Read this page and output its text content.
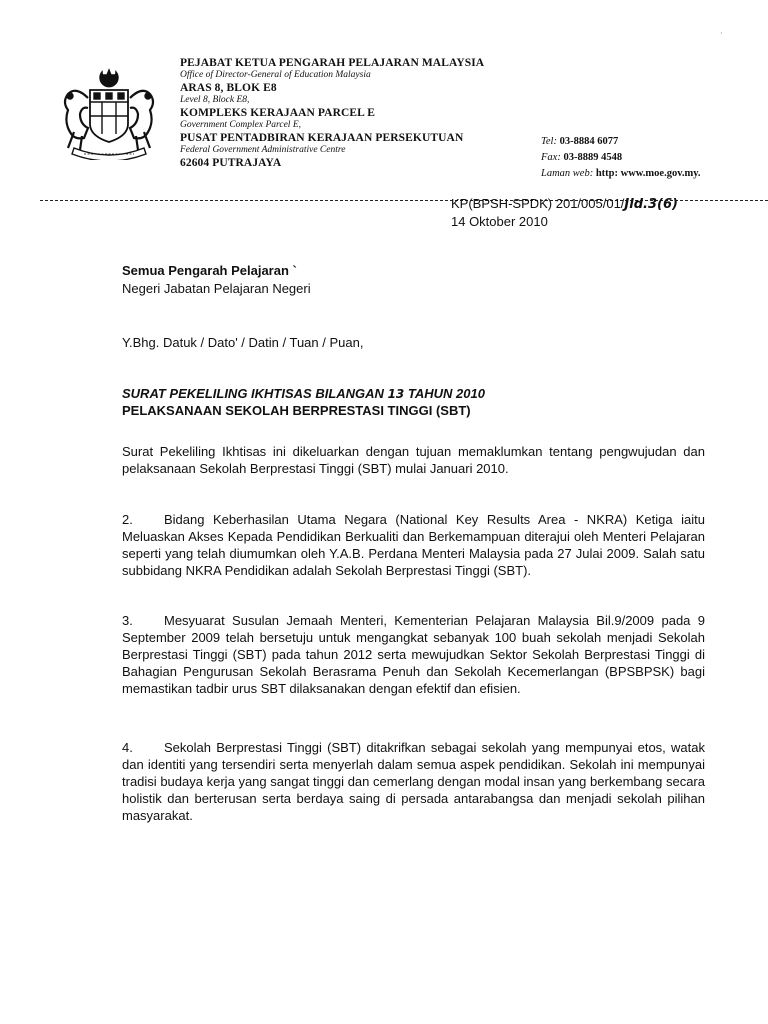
·
PEJABAT KETUA PENGARAH PELAJARAN MALAYSIA
Office of Director-General of Education Malaysia
ARAS 8, BLOK E8
Level 8, Block E8,
KOMPLEKS KERAJAAN PARCEL E
Government Complex Parcel E,
PUSAT PENTADBIRAN KERAJAAN PERSEKUTUAN
Federal Government Administrative Centre
62604 PUTRAJAYA
Tel: 03-8884 6077
Fax: 03-8889 4548
Laman web: http: www.moe.gov.my.
KP(BPSH-SPDK) 201/005/01/Jld.3(6)
14 Oktober 2010
Semua Pengarah Pelajaran `
Negeri Jabatan Pelajaran Negeri
Y.Bhg. Datuk / Dato' / Datin / Tuan / Puan,
SURAT PEKELILING IKHTISAS BILANGAN 13 TAHUN 2010
PELAKSANAAN SEKOLAH BERPRESTASI TINGGI (SBT)
Surat Pekeliling Ikhtisas ini dikeluarkan dengan tujuan memaklumkan tentang pengwujudan dan pelaksanaan Sekolah Berprestasi Tinggi (SBT) mulai Januari 2010.
2. Bidang Keberhasilan Utama Negara (National Key Results Area - NKRA) Ketiga iaitu Meluaskan Akses Kepada Pendidikan Berkualiti dan Berkemampuan diterajui oleh Menteri Pelajaran seperti yang telah diumumkan oleh Y.A.B. Perdana Menteri Malaysia pada 27 Julai 2009. Salah satu subbidang NKRA Pendidikan adalah Sekolah Berprestasi Tinggi (SBT).
3. Mesyuarat Susulan Jemaah Menteri, Kementerian Pelajaran Malaysia Bil.9/2009 pada 9 September 2009 telah bersetuju untuk mengangkat sebanyak 100 buah sekolah menjadi Sekolah Berprestasi Tinggi (SBT) pada tahun 2012 serta mewujudkan Sektor Sekolah Berprestasi Tinggi di Bahagian Pengurusan Sekolah Berasrama Penuh dan Sekolah Kecemerlangan (BPSBPSK) bagi memastikan tadbir urus SBT dilaksanakan dengan efektif dan efisien.
4. Sekolah Berprestasi Tinggi (SBT) ditakrifkan sebagai sekolah yang mempunyai etos, watak dan identiti yang tersendiri serta menyerlah dalam semua aspek pendidikan. Sekolah ini mempunyai tradisi budaya kerja yang sangat tinggi dan cemerlang dengan modal insan yang berkembang secara holistik dan berterusan serta berdaya saing di persada antarabangsa dan menjadi sekolah pilihan masyarakat.
